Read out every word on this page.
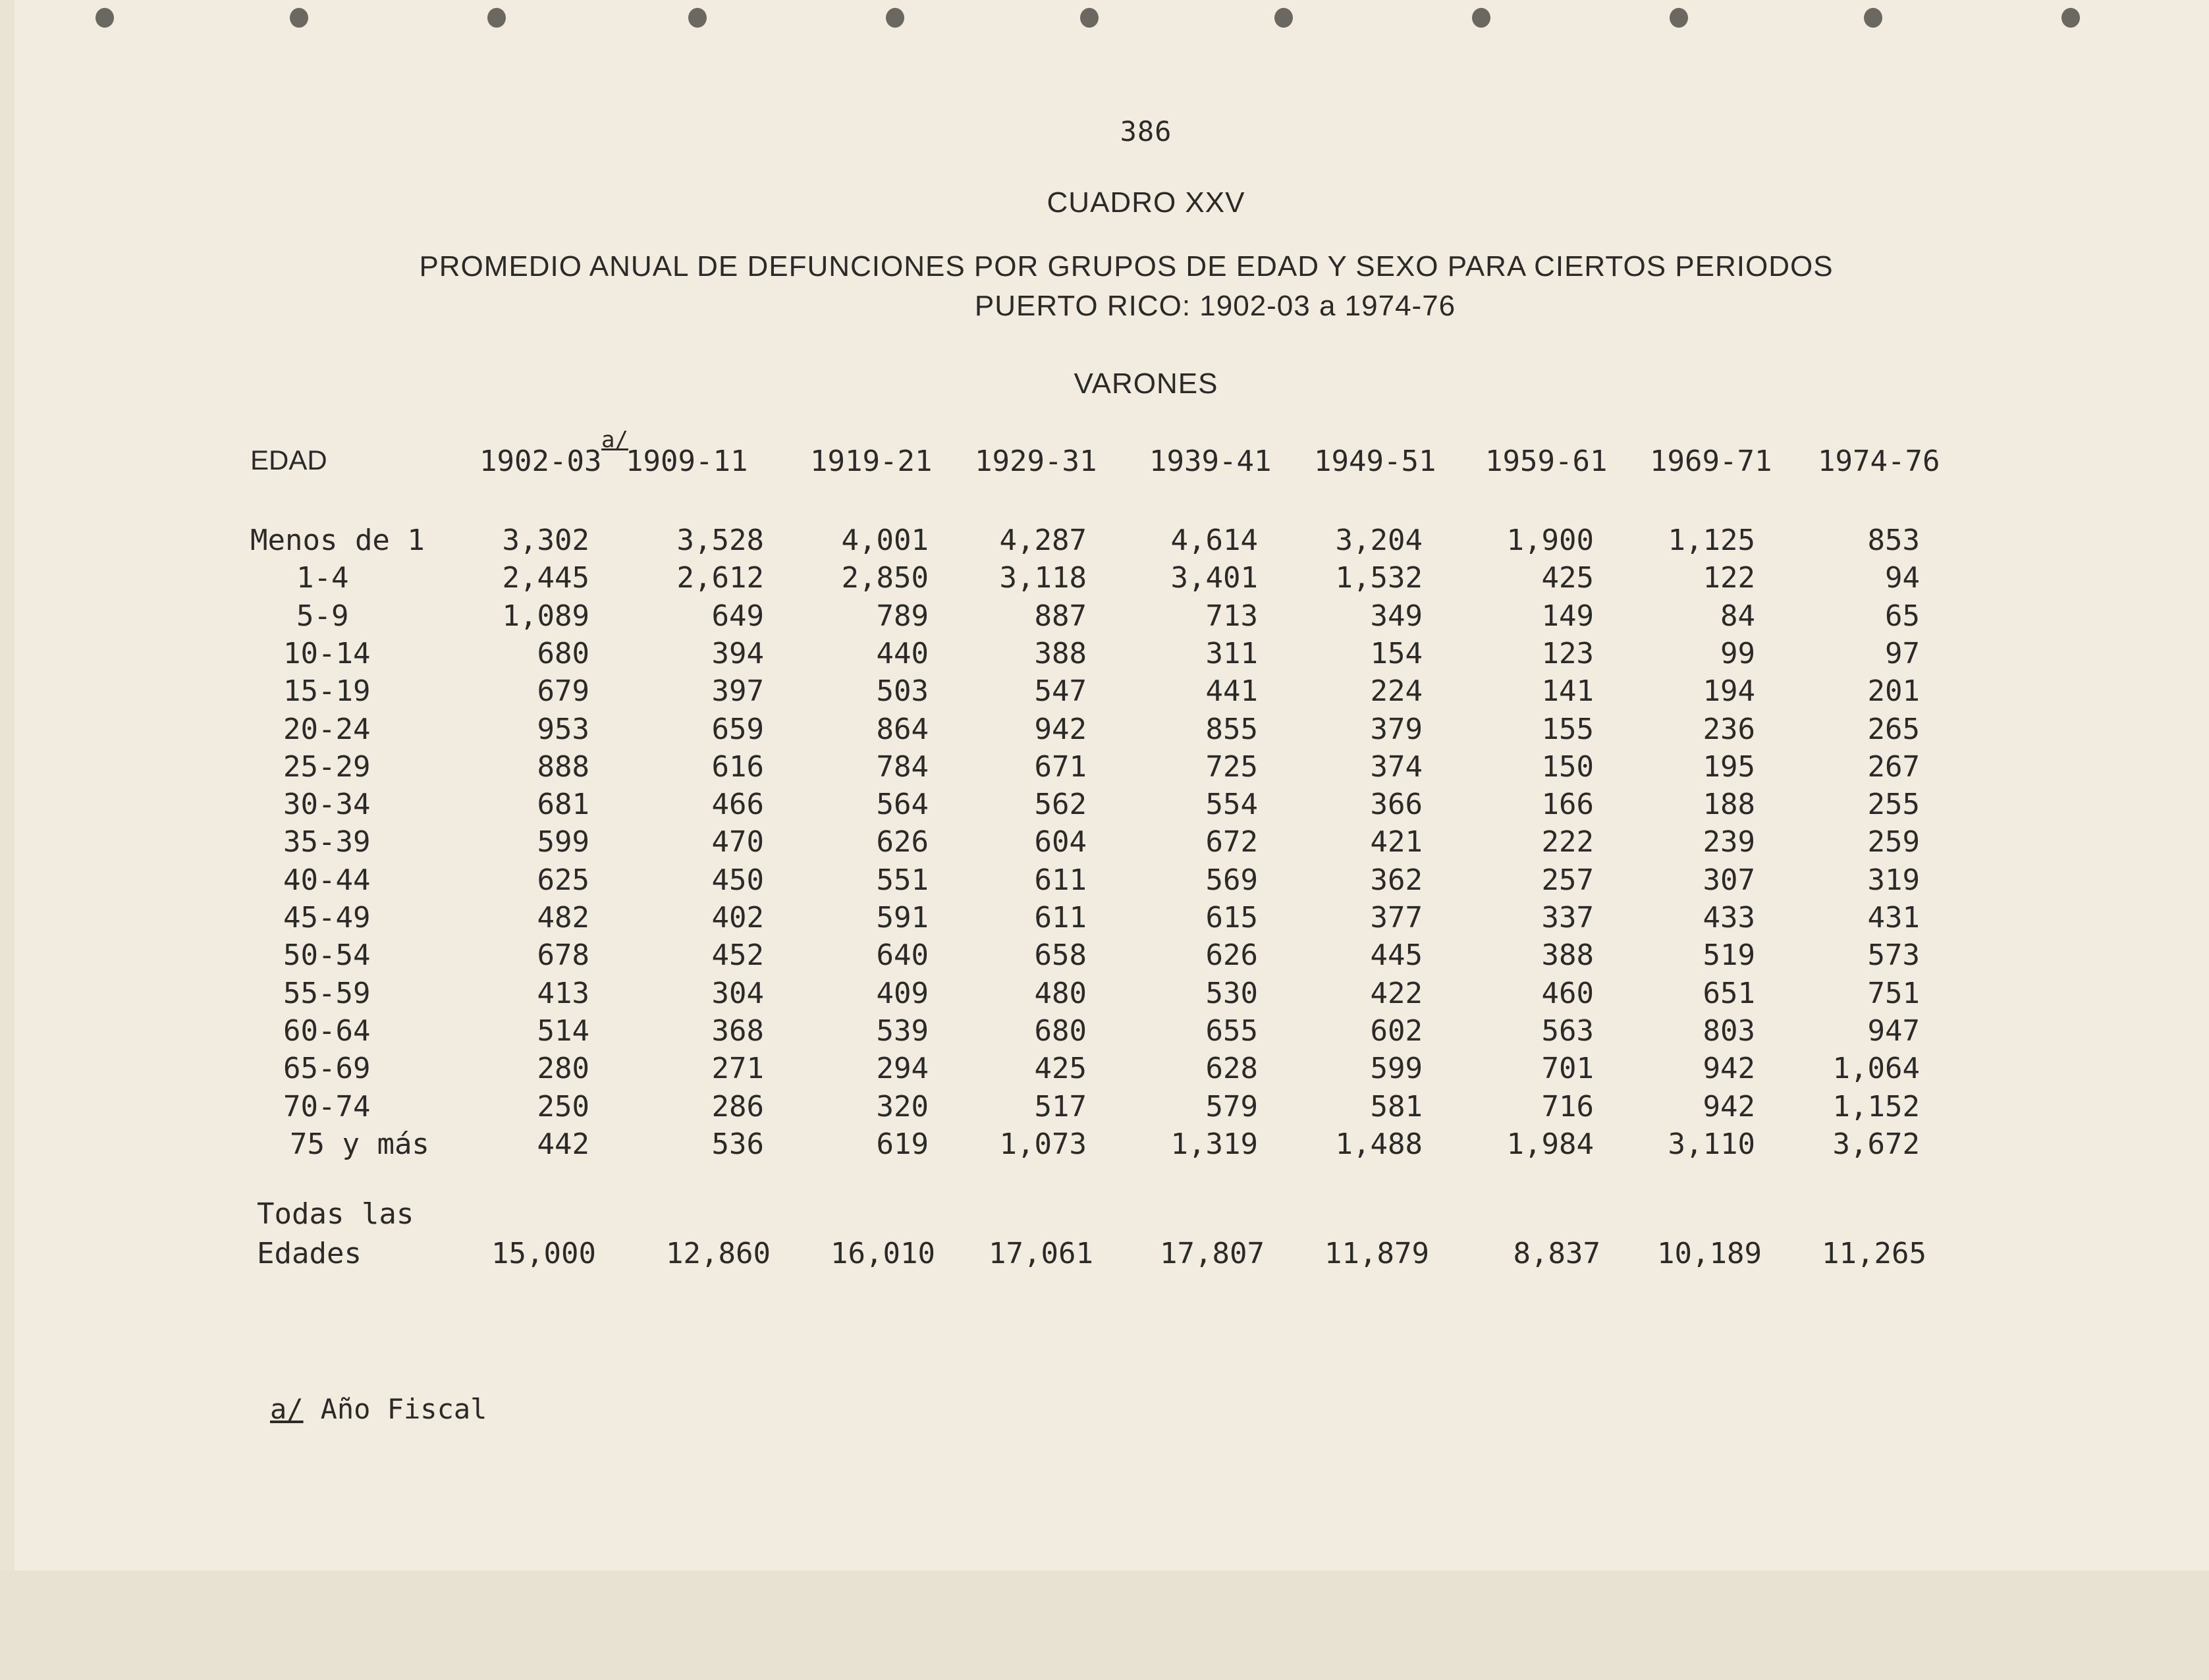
386
CUADRO XXV
PROMEDIO ANUAL DE DEFUNCIONES POR GRUPOS DE EDAD Y SEXO PARA CIERTOS PERIODOS
PUERTO RICO: 1902-03 a 1974-76
VARONES
EDAD
a/
1902-03 1909-11 1919-21 1929-31 1939-41 1949-51 1959-61 1969-71 1974-76
Menos de 1	3,302	3,528	4,001	4,287	4,614	3,204	1,900	1,125	853
1-4	2,445	2,612	2,850	3,118	3,401	1,532	425	122	94
5-9	1,089	649	789	887	713	349	149	84	65
10-14	680	394	440	388	311	154	123	99	97
15-19	679	397	503	547	441	224	141	194	201
20-24	953	659	864	942	855	379	155	236	265
25-29	888	616	784	671	725	374	150	195	267
30-34	681	466	564	562	554	366	166	188	255
35-39	599	470	626	604	672	421	222	239	259
40-44	625	450	551	611	569	362	257	307	319
45-49	482	402	591	611	615	377	337	433	431
50-54	678	452	640	658	626	445	388	519	573
55-59	413	304	409	480	530	422	460	651	751
60-64	514	368	539	680	655	602	563	803	947
65-69	280	271	294	425	628	599	701	942	1,064
70-74	250	286	320	517	579	581	716	942	1,152
75 y más	442	536	619	1,073	1,319	1,488	1,984	3,110	3,672
Todas las
Edades	15,000	12,860	16,010	17,061	17,807	11,879	8,837	10,189	11,265
a/ Año Fiscal
